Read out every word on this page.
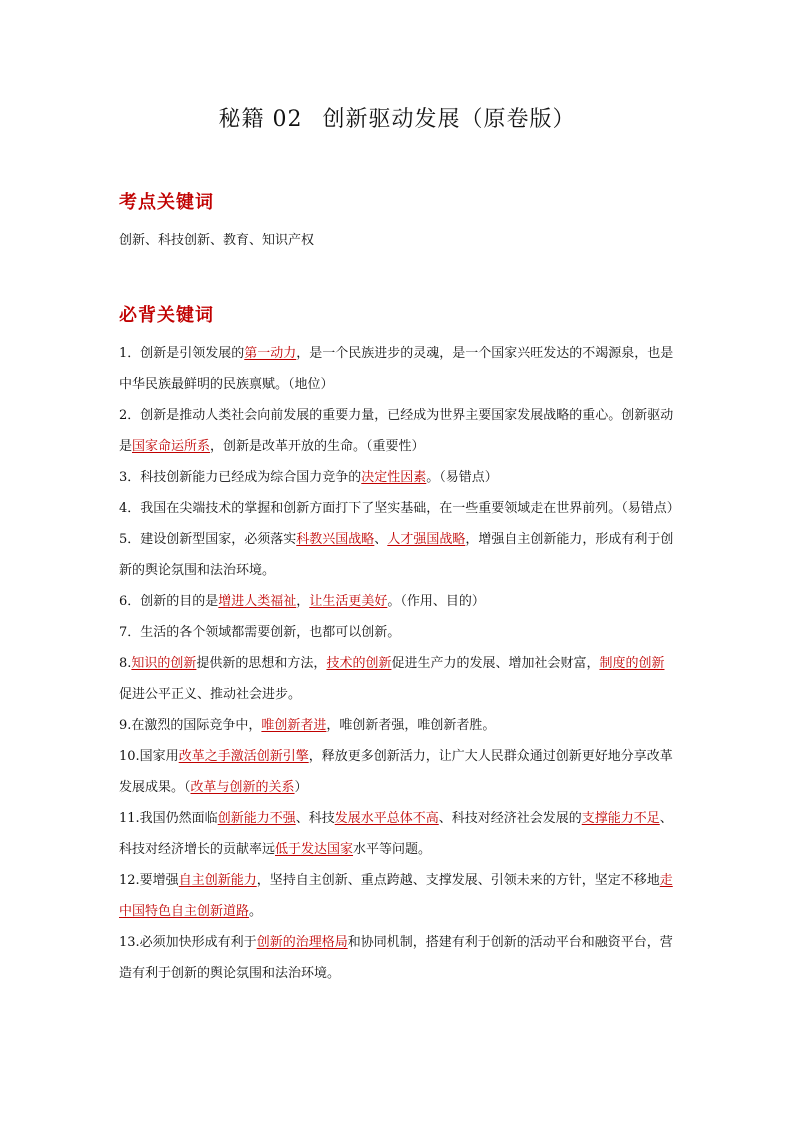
秘籍 02 创新驱动发展（原卷版）
考点关键词
创新、科技创新、教育、知识产权
必背关键词
1．创新是引领发展的第一动力，是一个民族进步的灵魂，是一个国家兴旺发达的不竭源泉，也是中华民族最鲜明的民族禀赋。（地位）
2．创新是推动人类社会向前发展的重要力量，已经成为世界主要国家发展战略的重心。创新驱动是国家命运所系，创新是改革开放的生命。（重要性）
3．科技创新能力已经成为综合国力竞争的决定性因素。（易错点）
4．我国在尖端技术的掌握和创新方面打下了坚实基础，在一些重要领域走在世界前列。（易错点）
5．建设创新型国家，必须落实科教兴国战略、人才强国战略，增强自主创新能力，形成有利于创新的舆论氛围和法治环境。
6．创新的目的是增进人类福祉，让生活更美好。（作用、目的）
7．生活的各个领域都需要创新，也都可以创新。
8.知识的创新提供新的思想和方法，技术的创新促进生产力的发展、增加社会财富，制度的创新促进公平正义、推动社会进步。
9.在激烈的国际竞争中，唯创新者进，唯创新者强，唯创新者胜。
10.国家用改革之手激活创新引擎，释放更多创新活力，让广大人民群众通过创新更好地分享改革发展成果。（改革与创新的关系）
11.我国仍然面临创新能力不强、科技发展水平总体不高、科技对经济社会发展的支撑能力不足、科技对经济增长的贡献率远低于发达国家水平等问题。
12.要增强自主创新能力，坚持自主创新、重点跨越、支撑发展、引领未来的方针，坚定不移地走中国特色自主创新道路。
13.必须加快形成有利于创新的治理格局和协同机制，搭建有利于创新的活动平台和融资平台，营造有利于创新的舆论氛围和法治环境。
